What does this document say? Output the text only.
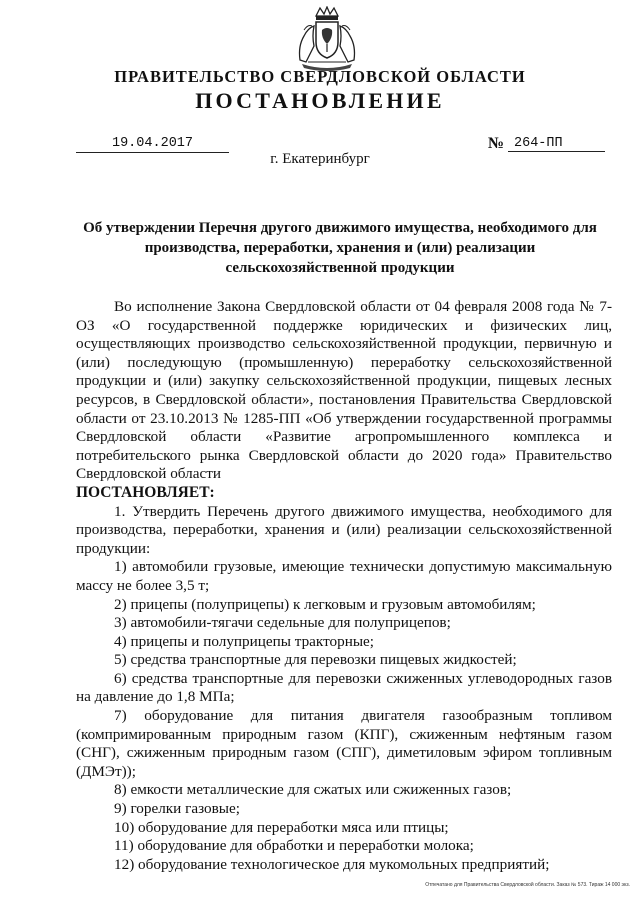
ПРАВИТЕЛЬСТВО СВЕРДЛОВСКОЙ ОБЛАСТИ
ПОСТАНОВЛЕНИЕ
19.04.2017	№ 264-ПП
г. Екатеринбург
Об утверждении Перечня другого движимого имущества, необходимого для производства, переработки, хранения и (или) реализации сельскохозяйственной продукции

Во исполнение Закона Свердловской области от 04 февраля 2008 года № 7-ОЗ «О государственной поддержке юридических и физических лиц, осуществляющих производство сельскохозяйственной продукции, первичную и (или) последующую (промышленную) переработку сельскохозяйственной продукции и (или) закупку сельскохозяйственной продукции, пищевых лесных ресурсов, в Свердловской области», постановления Правительства Свердловской области от 23.10.2013 № 1285-ПП «Об утверждении государственной программы Свердловской области «Развитие агропромышленного комплекса и потребительского рынка Свердловской области до 2020 года» Правительство Свердловской области

ПОСТАНОВЛЯЕТ:

1. Утвердить Перечень другого движимого имущества, необходимого для производства, переработки, хранения и (или) реализации сельскохозяйственной продукции:

1) автомобили грузовые, имеющие технически допустимую максимальную массу не более 3,5 т;

2) прицепы (полуприцепы) к легковым и грузовым автомобилям;

3) автомобили-тягачи седельные для полуприцепов;

4) прицепы и полуприцепы тракторные;

5) средства транспортные для перевозки пищевых жидкостей;

6) средства транспортные для перевозки сжиженных углеводородных газов на давление до 1,8 МПа;

7) оборудование для питания двигателя газообразным топливом (компримированным природным газом (КПГ), сжиженным нефтяным газом (СНГ), сжиженным природным газом (СПГ), диметиловым эфиром топливным (ДМЭт));

8) емкости металлические для сжатых или сжиженных газов;

9) горелки газовые;

10) оборудование для переработки мяса или птицы;

11) оборудование для обработки и переработки молока;

12) оборудование технологическое для мукомольных предприятий;

Отпечатано для Правительства Свердловской области. Заказ № 573. Тираж 14 000 экз.
